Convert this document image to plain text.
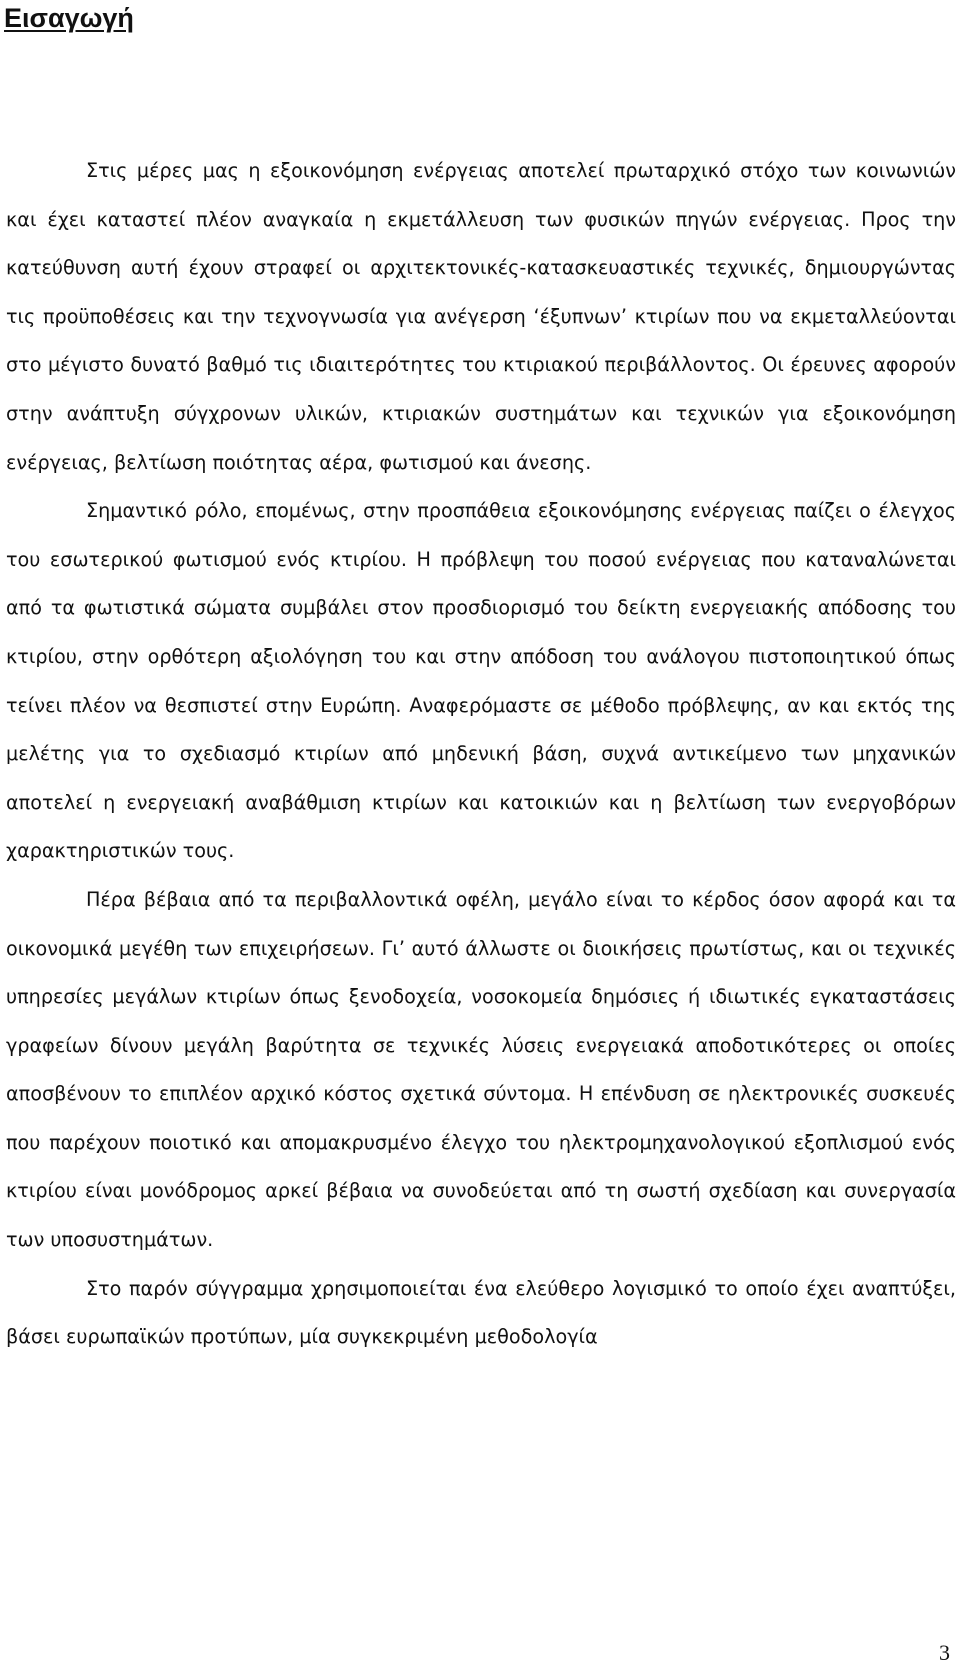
Εισαγωγή

Στις μέρες μας η εξοικονόμηση ενέργειας αποτελεί πρωταρχικό στόχο των κοινωνιών και έχει καταστεί πλέον αναγκαία η εκμετάλλευση των φυσικών πηγών ενέργειας. Προς την κατεύθυνση αυτή έχουν στραφεί οι αρχιτεκτονικές-κατασκευαστικές τεχνικές, δημιουργώντας τις προϋποθέσεις και την τεχνογνωσία για ανέγερση ‘έξυπνων’ κτιρίων που να εκμεταλλεύονται στο μέγιστο δυνατό βαθμό τις ιδιαιτερότητες του κτιριακού περιβάλλοντος. Οι έρευνες αφορούν στην ανάπτυξη σύγχρονων υλικών, κτιριακών συστημάτων και τεχνικών για εξοικονόμηση ενέργειας, βελτίωση ποιότητας αέρα, φωτισμού και άνεσης.

Σημαντικό ρόλο, επομένως, στην προσπάθεια εξοικονόμησης ενέργειας παίζει ο έλεγχος του εσωτερικού φωτισμού ενός κτιρίου. Η πρόβλεψη του ποσού ενέργειας που καταναλώνεται από τα φωτιστικά σώματα συμβάλει στον προσδιορισμό του δείκτη ενεργειακής απόδοσης του κτιρίου, στην ορθότερη αξιολόγηση του και στην απόδοση του ανάλογου πιστοποιητικού όπως τείνει πλέον να θεσπιστεί στην Ευρώπη. Αναφερόμαστε σε μέθοδο πρόβλεψης, αν και εκτός της μελέτης για το σχεδιασμό κτιρίων από μηδενική βάση, συχνά αντικείμενο των μηχανικών αποτελεί η ενεργειακή αναβάθμιση κτιρίων και κατοικιών και η βελτίωση των ενεργοβόρων χαρακτηριστικών τους.

Πέρα βέβαια από τα περιβαλλοντικά οφέλη, μεγάλο είναι το κέρδος όσον αφορά και τα οικονομικά μεγέθη των επιχειρήσεων. Γι’ αυτό άλλωστε οι διοικήσεις πρωτίστως, και οι τεχνικές υπηρεσίες μεγάλων κτιρίων όπως ξενοδοχεία, νοσοκομεία δημόσιες ή ιδιωτικές εγκαταστάσεις γραφείων δίνουν μεγάλη βαρύτητα σε τεχνικές λύσεις ενεργειακά αποδοτικότερες οι οποίες αποσβένουν το επιπλέον αρχικό κόστος σχετικά σύντομα. Η επένδυση σε ηλεκτρονικές συσκευές που παρέχουν ποιοτικό και απομακρυσμένο έλεγχο του ηλεκτρομηχανολογικού εξοπλισμού ενός κτιρίου είναι μονόδρομος αρκεί βέβαια να συνοδεύεται από τη σωστή σχεδίαση και συνεργασία των υποσυστημάτων.

Στο παρόν σύγγραμμα χρησιμοποιείται ένα ελεύθερο λογισμικό το οποίο έχει αναπτύξει, βάσει ευρωπαϊκών προτύπων, μία συγκεκριμένη μεθοδολογία

3
